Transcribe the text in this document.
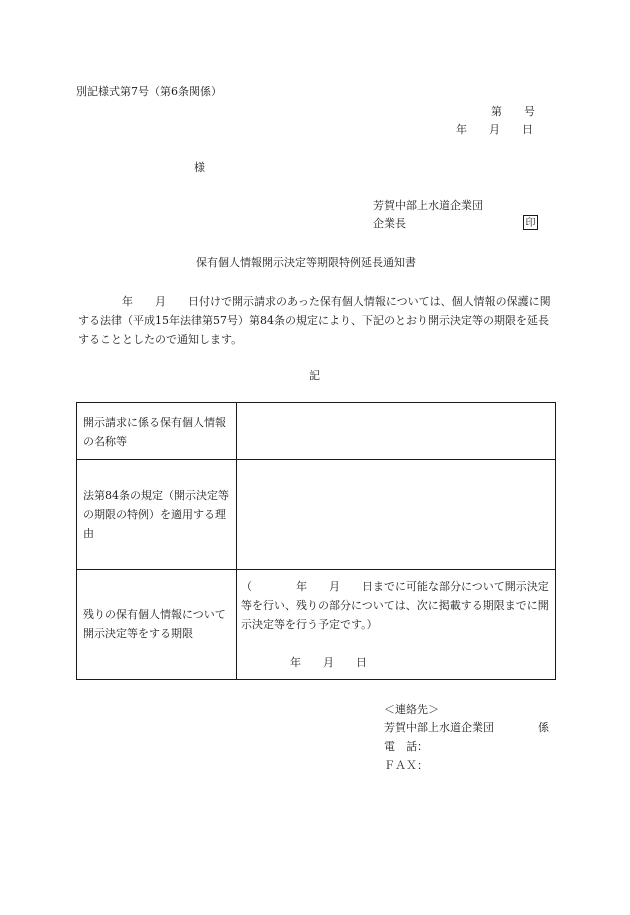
別記様式第7号（第6条関係）
第　　号
年　　月　　日
様
芳賀中部上水道企業団
企業長	印
保有個人情報開示決定等期限特例延長通知書
年　　月　　日付けで開示請求のあった保有個人情報については、個人情報の保護に関する法律（平成15年法律第57号）第84条の規定により、下記のとおり開示決定等の期限を延長することとしたので通知します。
記
開示請求に係る保有個人情報の名称等
法第84条の規定（開示決定等の期限の特例）を適用する理由
残りの保有個人情報について開示決定等をする期限
（　　　　年　　月　　日までに可能な部分について開示決定等を行い、残りの部分については、次に掲載する期限までに開示決定等を行う予定です。）
年　　月　　日
＜連絡先＞
芳賀中部上水道企業団	係
電　話：
ＦＡＸ：
